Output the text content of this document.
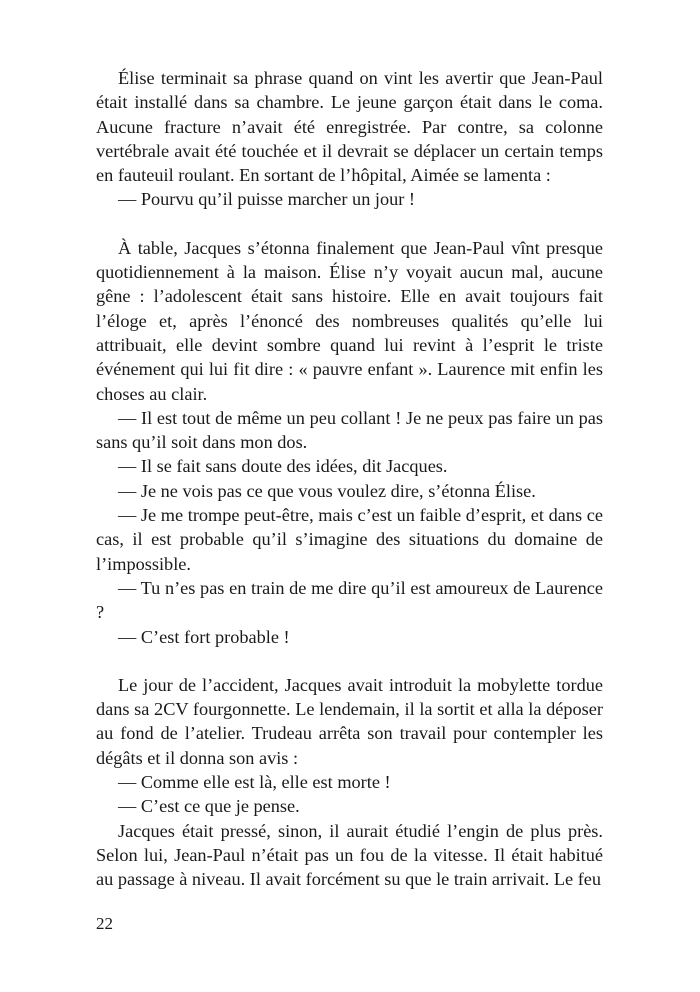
Élise terminait sa phrase quand on vint les avertir que Jean-Paul était installé dans sa chambre. Le jeune garçon était dans le coma. Aucune fracture n’avait été enregistrée. Par contre, sa colonne vertébrale avait été touchée et il devrait se déplacer un certain temps en fauteuil roulant. En sortant de l’hôpital, Aimée se lamenta :

— Pourvu qu’il puisse marcher un jour !

À table, Jacques s’étonna finalement que Jean-Paul vînt presque quotidiennement à la maison. Élise n’y voyait aucun mal, aucune gêne : l’adolescent était sans histoire. Elle en avait toujours fait l’éloge et, après l’énoncé des nombreuses qualités qu’elle lui attribuait, elle devint sombre quand lui revint à l’esprit le triste événement qui lui fit dire : « pauvre enfant ». Laurence mit enfin les choses au clair.

— Il est tout de même un peu collant ! Je ne peux pas faire un pas sans qu’il soit dans mon dos.

— Il se fait sans doute des idées, dit Jacques.

— Je ne vois pas ce que vous voulez dire, s’étonna Élise.

— Je me trompe peut-être, mais c’est un faible d’esprit, et dans ce cas, il est probable qu’il s’imagine des situations du domaine de l’impossible.

— Tu n’es pas en train de me dire qu’il est amoureux de Laurence ?

— C’est fort probable !

Le jour de l’accident, Jacques avait introduit la mobylette tordue dans sa 2CV fourgonnette. Le lendemain, il la sortit et alla la déposer au fond de l’atelier. Trudeau arrêta son travail pour contempler les dégâts et il donna son avis :

— Comme elle est là, elle est morte !

— C’est ce que je pense.

Jacques était pressé, sinon, il aurait étudié l’engin de plus près. Selon lui, Jean-Paul n’était pas un fou de la vitesse. Il était habitué au passage à niveau. Il avait forcément su que le train arrivait. Le feu

22
